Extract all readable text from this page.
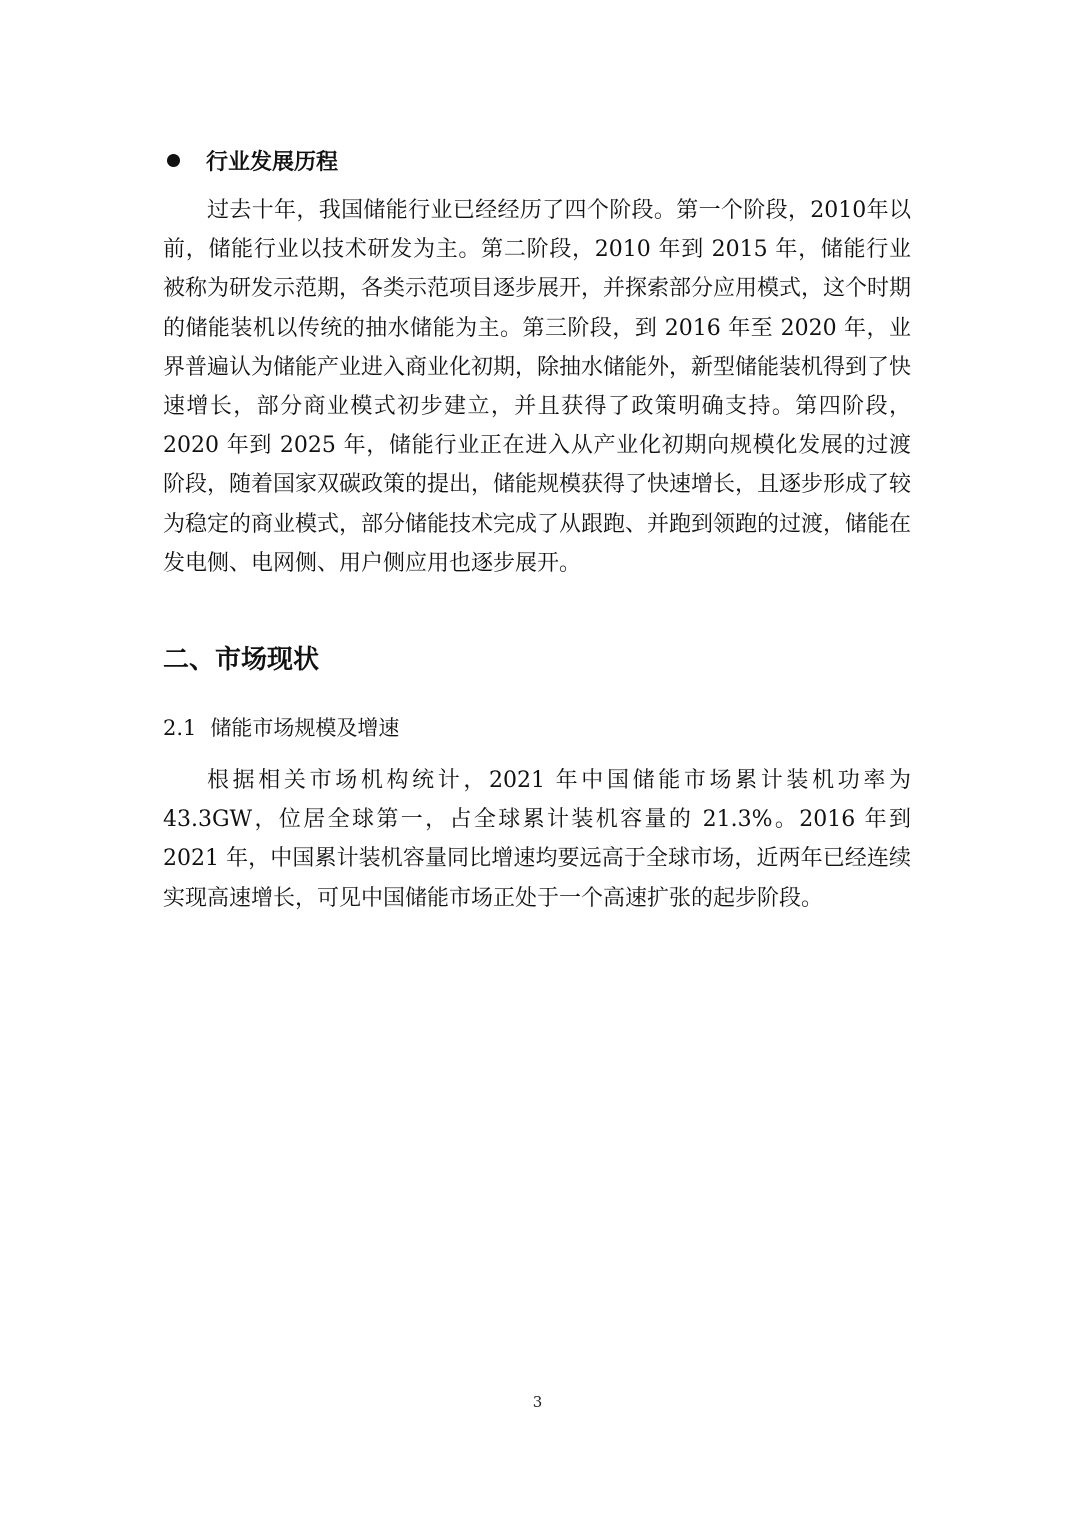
行业发展历程

过去十年，我国储能行业已经经历了四个阶段。第一个阶段，2010年以前，储能行业以技术研发为主。第二阶段，2010 年到 2015 年，储能行业被称为研发示范期，各类示范项目逐步展开，并探索部分应用模式，这个时期的储能装机以传统的抽水储能为主。第三阶段，到 2016 年至 2020 年，业界普遍认为储能产业进入商业化初期，除抽水储能外，新型储能装机得到了快速增长，部分商业模式初步建立，并且获得了政策明确支持。第四阶段，2020 年到 2025 年，储能行业正在进入从产业化初期向规模化发展的过渡阶段，随着国家双碳政策的提出，储能规模获得了快速增长，且逐步形成了较为稳定的商业模式，部分储能技术完成了从跟跑、并跑到领跑的过渡，储能在发电侧、电网侧、用户侧应用也逐步展开。

二、市场现状
2.1 储能市场规模及增速

根据相关市场机构统计，2021 年中国储能市场累计装机功率为 43.3GW，位居全球第一，占全球累计装机容量的 21.3%。2016 年到 2021 年，中国累计装机容量同比增速均要远高于全球市场，近两年已经连续实现高速增长，可见中国储能市场正处于一个高速扩张的起步阶段。

3
